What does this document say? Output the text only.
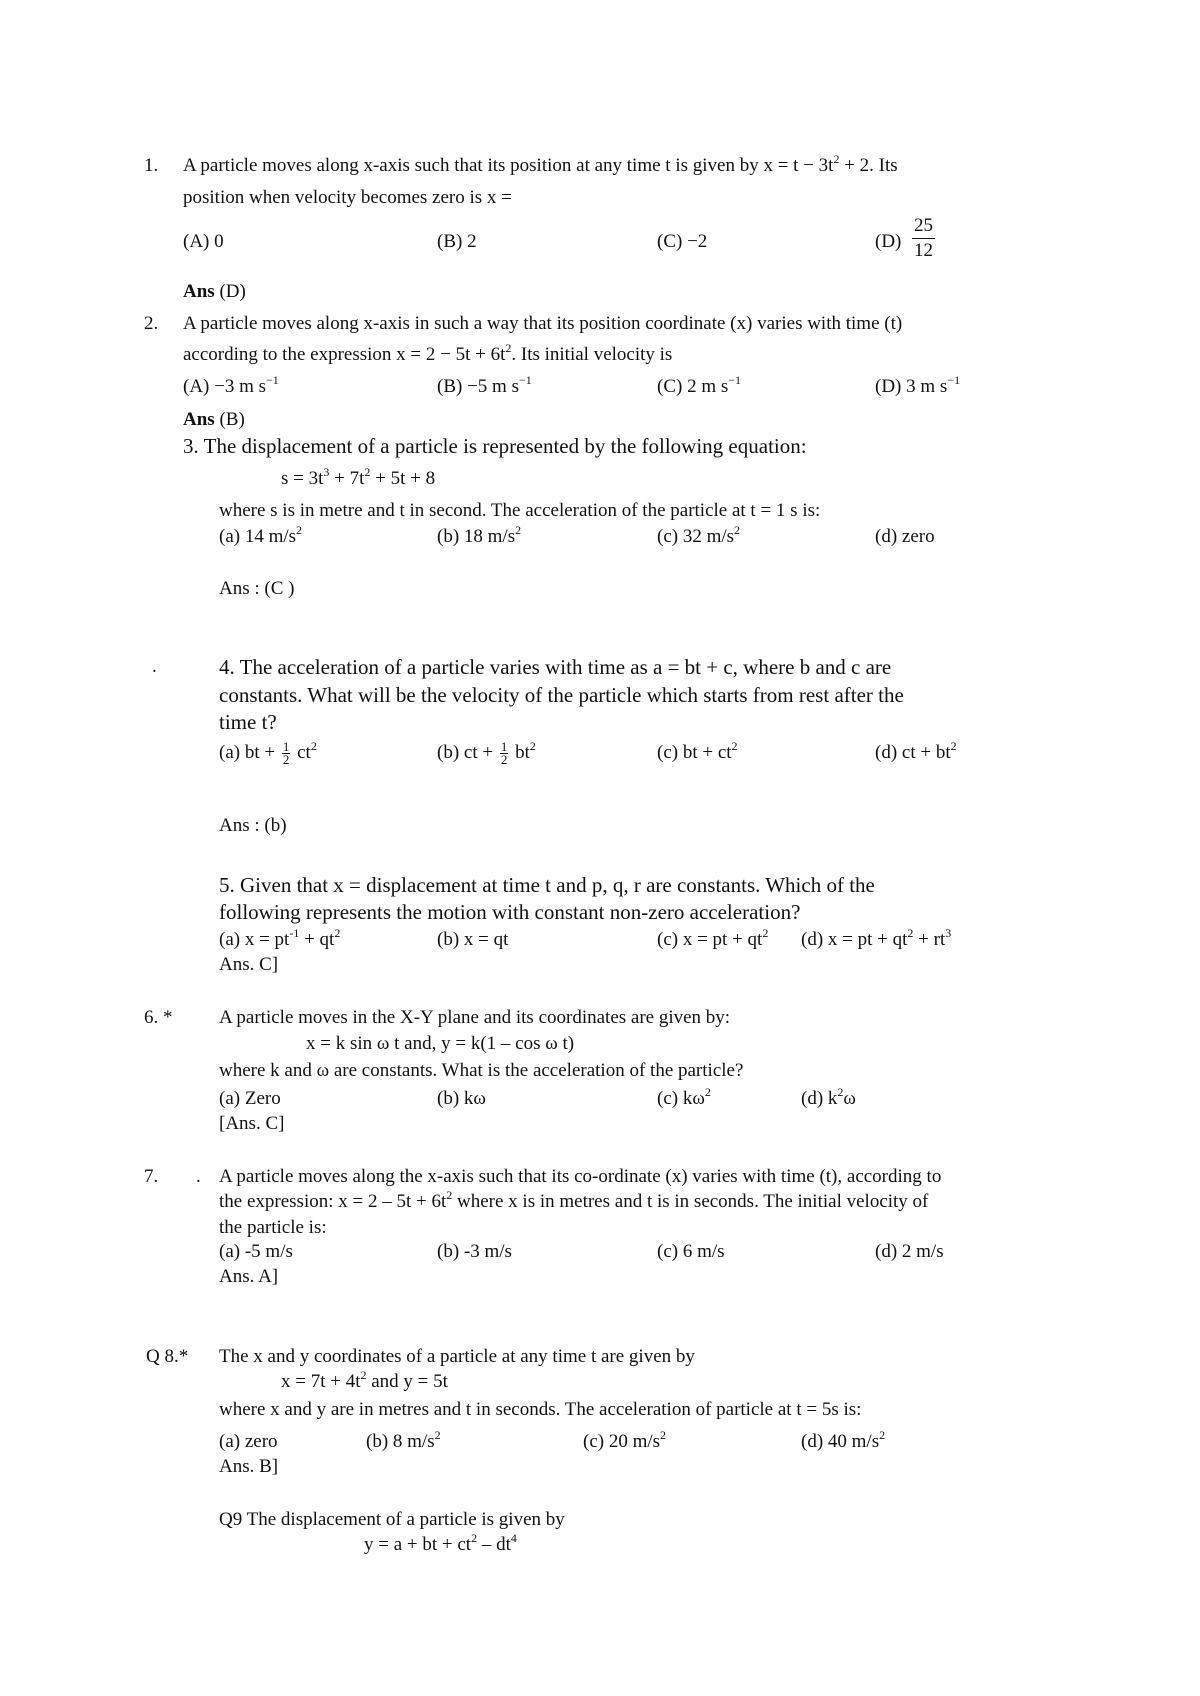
1. A particle moves along x-axis such that its position at any time t is given by $x = t - 3t^2 + 2$. Its
position when velocity becomes zero is x =
(A) 0	(B) 2	(C) −2	$(D) \frac{25}{12}$
Ans (D)
2. A particle moves along x-axis in such a way that its position coordinate (x) varies with time (t)
according to the expression $x = 2 - 5t + 6t^2$. Its initial velocity is
(A) −3 m $s^{-1}$	(B) −5 m $s^{-1}$	(C) 2 m $s^{-1}$	(D) 3 m $s^{-1}$
Ans (B)
3. The displacement of a particle is represented by the following equation:
$s = 3t^3 + 7t^2 + 5t + 8$
where s is in metre and t in second. The acceleration of the particle at t = 1 s is:
(a) 14 $m/s^2$	(b) 18 $m/s^2$	(c) 32 $m/s^2$	(d) zero
Ans : (C )
.	4. The acceleration of a particle varies with time as a = bt + c, where b and c are
constants. What will be the velocity of the particle which starts from rest after the
time t?
(a) bt + $\frac{1}{2} ct^2$	(b) ct + $\frac{1}{2} bt^2$	(c) bt + $ct^2$	(d) ct + $bt^2$
Ans : (b)
5. Given that x = displacement at time t and p, q, r are constants. Which of the
following represents the motion with constant non-zero acceleration?
(a) $x = pt^{-1} + qt^2$	(b) x = qt	(c) x = pt + $qt^2$ (d) x = pt + $qt^2 + rt^3$
Ans. C]
6. * A particle moves in the X-Y plane and its coordinates are given by:
x = k sin ω t and, y = k(1 – cos ω t)
where k and ω are constants. What is the acceleration of the particle?
(a) Zero	(b) kω	(c) $k\omega^2$	(d) $k^2\omega$
[Ans. C]
7. . A particle moves along the x-axis such that its co-ordinate (x) varies with time (t), according to
the expression: $x = 2 - 5t + 6t^2$ where x is in metres and t is in seconds. The initial velocity of
the particle is:
(a) -5 m/s	(b) -3 m/s	(c) 6 m/s	(d) 2 m/s
Ans. A]
Q 8.* The x and y coordinates of a particle at any time t are given by
$x = 7t + 4t^2$ and y = 5t
where x and y are in metres and t in seconds. The acceleration of particle at t = 5s is:
(a) zero	(b) 8 $m/s^2$	(c) 20 $m/s^2$	(d) 40 $m/s^2$
Ans. B]
Q9 The displacement of a particle is given by
y = a + bt + $ct^2 - dt^4$
